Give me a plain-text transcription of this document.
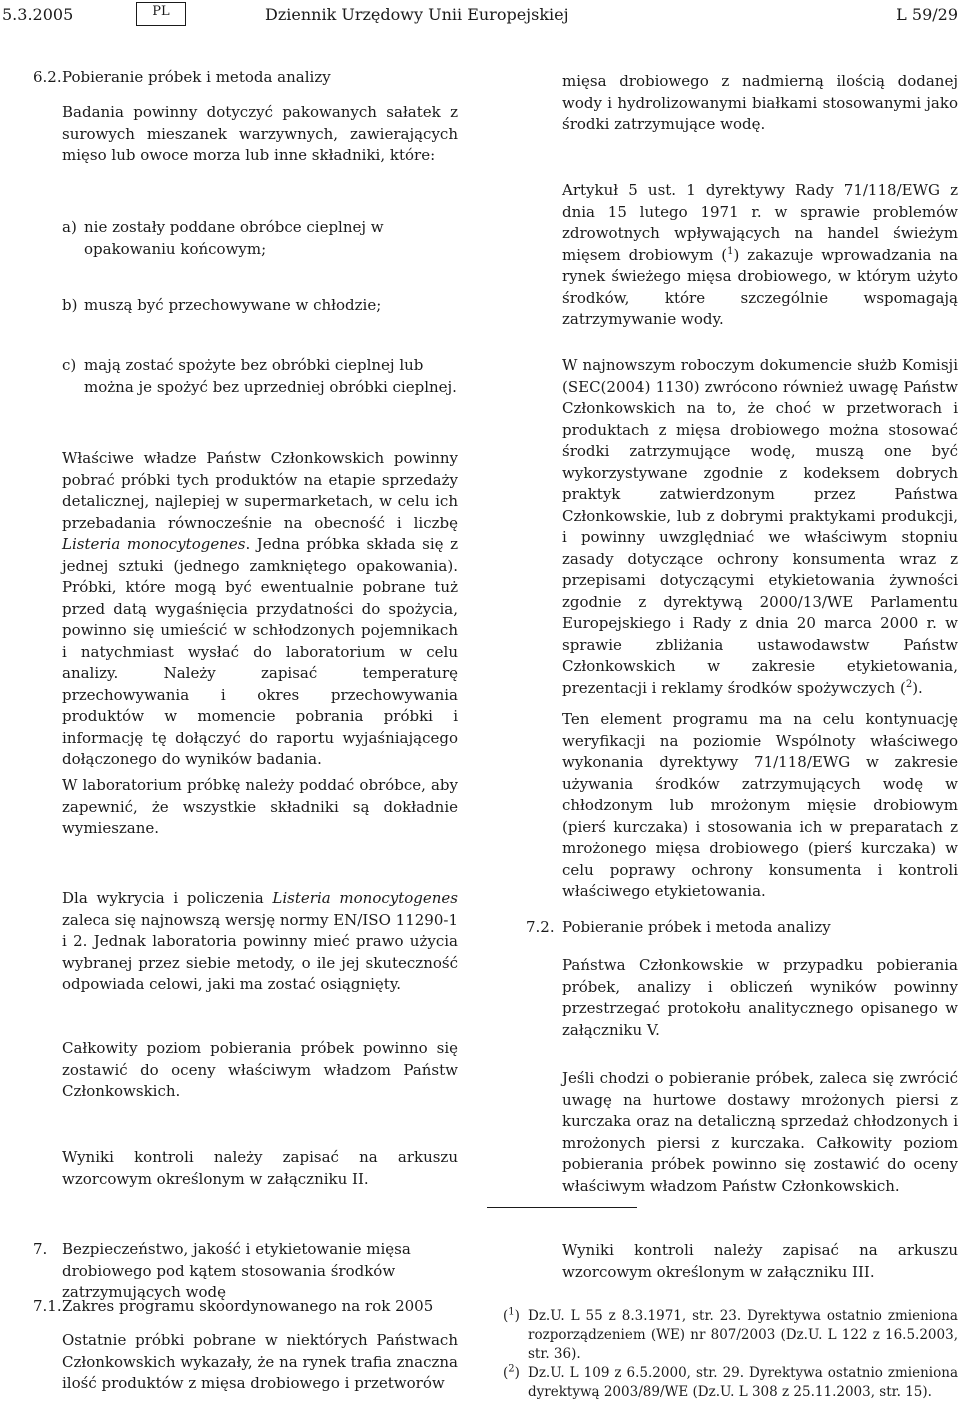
5.3.2005	PL	Dziennik Urzędowy Unii Europejskiej	L 59/29
6.2. Pobieranie próbek i metoda analizy

Badania powinny dotyczyć pakowanych sałatek z surowych mieszanek warzywnych, zawierających mięso lub owoce morza lub inne składniki, które:

a) nie zostały poddane obróbce cieplnej w opakowaniu końcowym;

b) muszą być przechowywane w chłodzie;

c) mają zostać spożyte bez obróbki cieplnej lub można je spożyć bez uprzedniej obróbki cieplnej.

Właściwe władze Państw Członkowskich powinny pobrać próbki tych produktów na etapie sprzedaży detalicznej, najlepiej w supermarketach, w celu ich przebadania równocześnie na obecność i liczbę Listeria monocytogenes. Jedna próbka składa się z jednej sztuki (jednego zamkniętego opakowania). Próbki, które mogą być ewentualnie pobrane tuż przed datą wygaśnięcia przydatności do spożycia, powinno się umieścić w schłodzonych pojemnikach i natychmiast wysłać do laboratorium w celu analizy. Należy zapisać temperaturę przechowywania i okres przechowywania produktów w momencie pobrania próbki i informację tę dołączyć do raportu wyjaśniającego dołączonego do wyników badania.

W laboratorium próbkę należy poddać obróbce, aby zapewnić, że wszystkie składniki są dokładnie wymieszane.

Dla wykrycia i policzenia Listeria monocytogenes zaleca się najnowszą wersję normy EN/ISO 11290-1 i 2. Jednak laboratoria powinny mieć prawo użycia wybranej przez siebie metody, o ile jej skuteczność odpowiada celowi, jaki ma zostać osiągnięty.

Całkowity poziom pobierania próbek powinno się zostawić do oceny właściwym władzom Państw Członkowskich.

Wyniki kontroli należy zapisać na arkuszu wzorcowym określonym w załączniku II.

7. Bezpieczeństwo, jakość i etykietowanie mięsa drobiowego pod kątem stosowania środków zatrzymujących wodę

7.1. Zakres programu skoordynowanego na rok 2005

Ostatnie próbki pobrane w niektórych Państwach Członkowskich wykazały, że na rynek trafia znaczna ilość produktów z mięsa drobiowego i przetworów

mięsa drobiowego z nadmierną ilością dodanej wody i hydrolizowanymi białkami stosowanymi jako środki zatrzymujące wodę.

Artykuł 5 ust. 1 dyrektywy Rady 71/118/EWG z dnia 15 lutego 1971 r. w sprawie problemów zdrowotnych wpływających na handel świeżym mięsem drobiowym ($^1$) zakazuje wprowadzania na rynek świeżego mięsa drobiowego, w którym użyto środków, które szczególnie wspomagają zatrzymywanie wody.

W najnowszym roboczym dokumencie służb Komisji (SEC(2004) 1130) zwrócono również uwagę Państw Członkowskich na to, że choć w przetworach i produktach z mięsa drobiowego można stosować środki zatrzymujące wodę, muszą one być wykorzystywane zgodnie z kodeksem dobrych praktyk zatwierdzonym przez Państwa Członkowskie, lub z dobrymi praktykami produkcji, i powinny uwzględniać we właściwym stopniu zasady dotyczące ochrony konsumenta wraz z przepisami dotyczącymi etykietowania żywności zgodnie z dyrektywą 2000/13/WE Parlamentu Europejskiego i Rady z dnia 20 marca 2000 r. w sprawie zbliżania ustawodawstw Państw Członkowskich w zakresie etykietowania, prezentacji i reklamy środków spożywczych ($^2$).

Ten element programu ma na celu kontynuację weryfikacji na poziomie Wspólnoty właściwego wykonania dyrektywy 71/118/EWG w zakresie używania środków zatrzymujących wodę w chłodzonym lub mrożonym mięsie drobiowym (pierś kurczaka) i stosowania ich w preparatach z mrożonego mięsa drobiowego (pierś kurczaka) w celu poprawy ochrony konsumenta i kontroli właściwego etykietowania.

7.2. Pobieranie próbek i metoda analizy

Państwa Członkowskie w przypadku pobierania próbek, analizy i obliczeń wyników powinny przestrzegać protokołu analitycznego opisanego w załączniku V.

Jeśli chodzi o pobieranie próbek, zaleca się zwrócić uwagę na hurtowe dostawy mrożonych piersi z kurczaka oraz na detaliczną sprzedaż chłodzonych i mrożonych piersi z kurczaka. Całkowity poziom pobierania próbek powinno się zostawić do oceny właściwym władzom Państw Członkowskich.

Wyniki kontroli należy zapisać na arkuszu wzorcowym określonym w załączniku III.

($^1$) Dz.U. L 55 z 8.3.1971, str. 23. Dyrektywa ostatnio zmieniona rozporządzeniem (WE) nr 807/2003 (Dz.U. L 122 z 16.5.2003, str. 36).

($^2$) Dz.U. L 109 z 6.5.2000, str. 29. Dyrektywa ostatnio zmieniona dyrektywą 2003/89/WE (Dz.U. L 308 z 25.11.2003, str. 15).
